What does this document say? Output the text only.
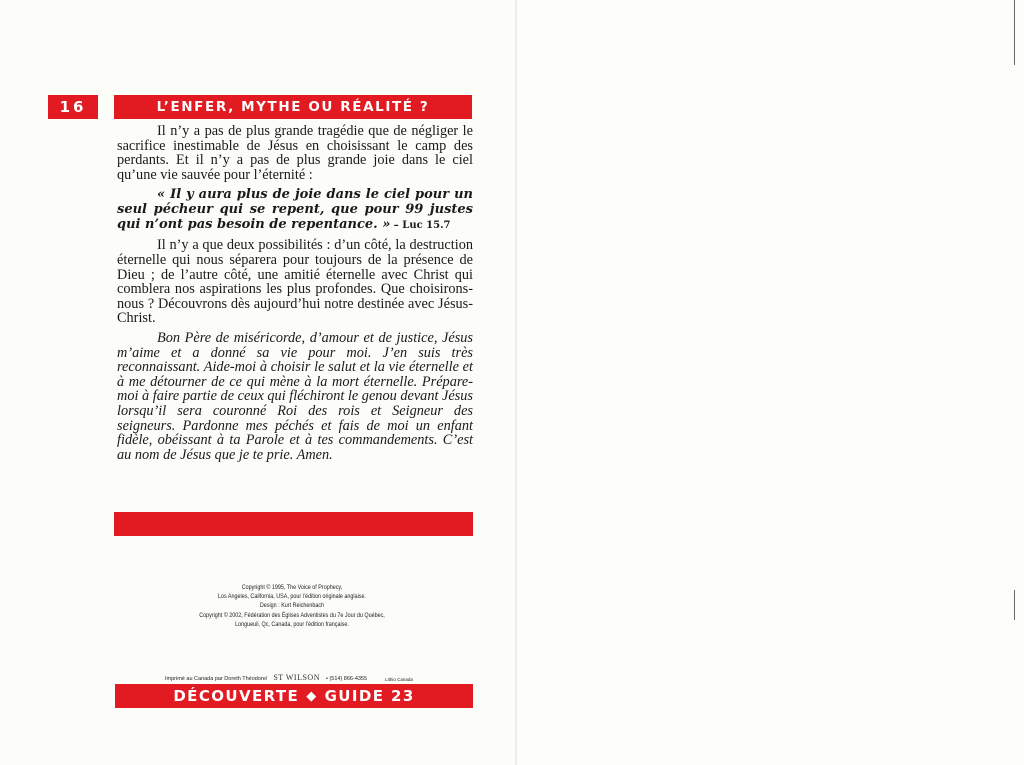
16	L’ENFER, MYTHE OU RÉALITÉ ?

Il n’y a pas de plus grande tragédie que de négliger le sacrifice inestimable de Jésus en choisissant le camp des perdants. Et il n’y a pas de plus grande joie dans le ciel qu’une vie sauvée pour l’éternité :

« Il y aura plus de joie dans le ciel pour un seul pécheur qui se repent, que pour 99 justes qui n’ont pas besoin de repentance. » – Luc 15.7

Il n’y a que deux possibilités : d’un côté, la destruction éternelle qui nous séparera pour toujours de la présence de Dieu ; de l’autre côté, une amitié éternelle avec Christ qui comblera nos aspirations les plus profondes. Que choisirons-nous ? Découvrons dès aujourd’hui notre destinée avec Jésus-Christ.

Bon Père de miséricorde, d’amour et de justice, Jésus m’aime et a donné sa vie pour moi. J’en suis très reconnaissant. Aide-moi à choisir le salut et la vie éternelle et à me détourner de ce qui mène à la mort éternelle. Prépare-moi à faire partie de ceux qui fléchiront le genou devant Jésus lorsqu’il sera couronné Roi des rois et Seigneur des seigneurs. Pardonne mes péchés et fais de moi un enfant fidèle, obéissant à ta Parole et à tes commandements. C’est au nom de Jésus que je te prie. Amen.

Copyright © 1995, The Voice of Prophecy,
Los Angeles, California, USA, pour l’édition originale anglaise.
Design : Kurt Reichenbach
Copyright © 2002, Fédération des Églises Adventistes du 7e Jour du Québec,
Longueuil, Qc, Canada, pour l’édition française.
Imprimé au Canada par Doreth Théodore/ ST WILSON • (514) 866-4355	Lithio Canada
DÉCOUVERTE ◆ GUIDE 23
